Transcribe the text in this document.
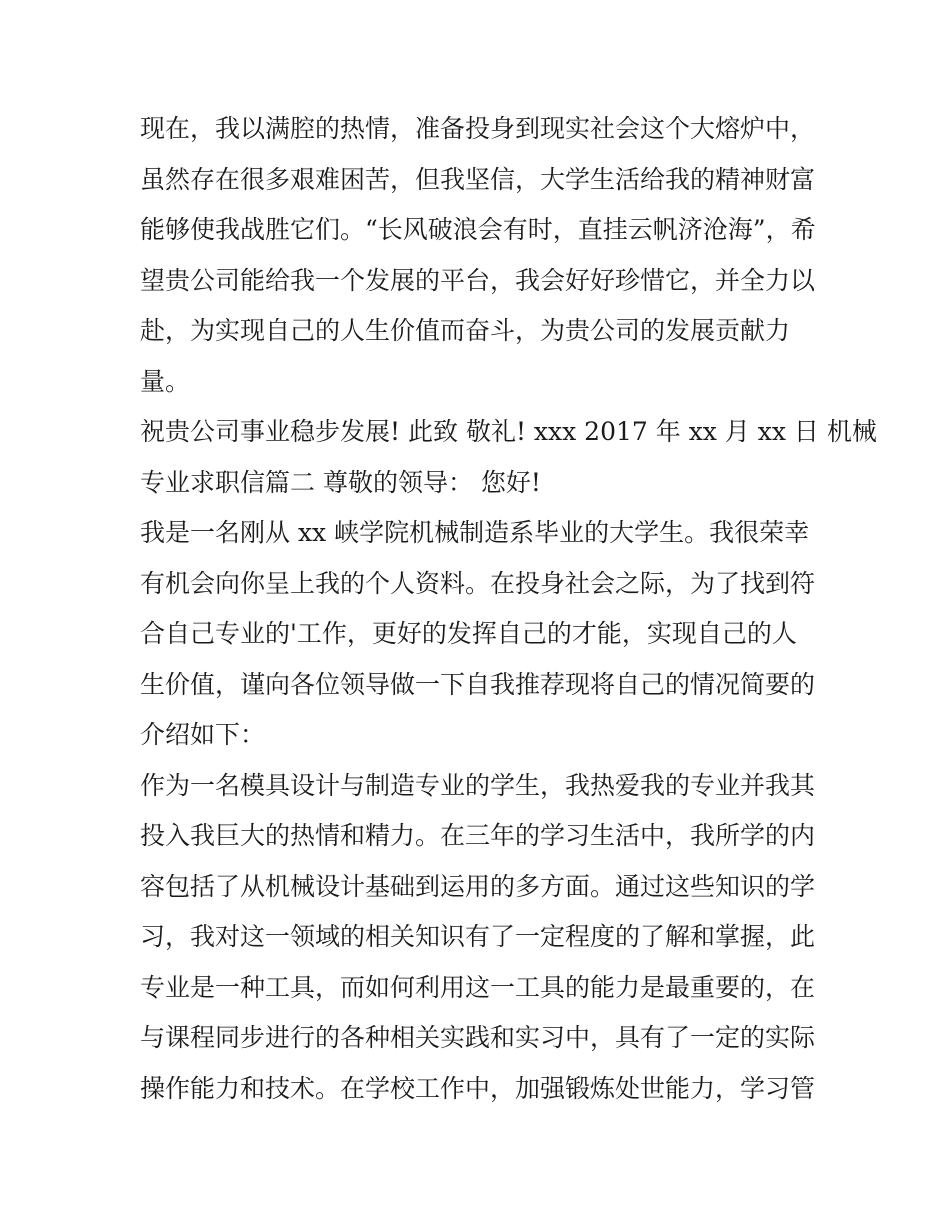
现在，我以满腔的热情，准备投身到现实社会这个大熔炉中，
虽然存在很多艰难困苦，但我坚信，大学生活给我的精神财富
能够使我战胜它们。“长风破浪会有时，直挂云帆济沧海”，希
望贵公司能给我一个发展的平台，我会好好珍惜它，并全力以
赴，为实现自己的人生价值而奋斗，为贵公司的发展贡献力
量。

祝贵公司事业稳步发展! 此致 敬礼! xxx 2017 年 xx 月 xx 日 机械
专业求职信篇二 尊敬的领导： 您好!

我是一名刚从 xx 峡学院机械制造系毕业的大学生。我很荣幸
有机会向你呈上我的个人资料。在投身社会之际，为了找到符
合自己专业的'工作，更好的发挥自己的才能，实现自己的人
生价值，谨向各位领导做一下自我推荐现将自己的情况简要的
介绍如下：

作为一名模具设计与制造专业的学生，我热爱我的专业并我其
投入我巨大的热情和精力。在三年的学习生活中，我所学的内
容包括了从机械设计基础到运用的多方面。通过这些知识的学
习，我对这一领域的相关知识有了一定程度的了解和掌握，此
专业是一种工具，而如何利用这一工具的能力是最重要的，在
与课程同步进行的各种相关实践和实习中，具有了一定的实际
操作能力和技术。在学校工作中，加强锻炼处世能力，学习管
